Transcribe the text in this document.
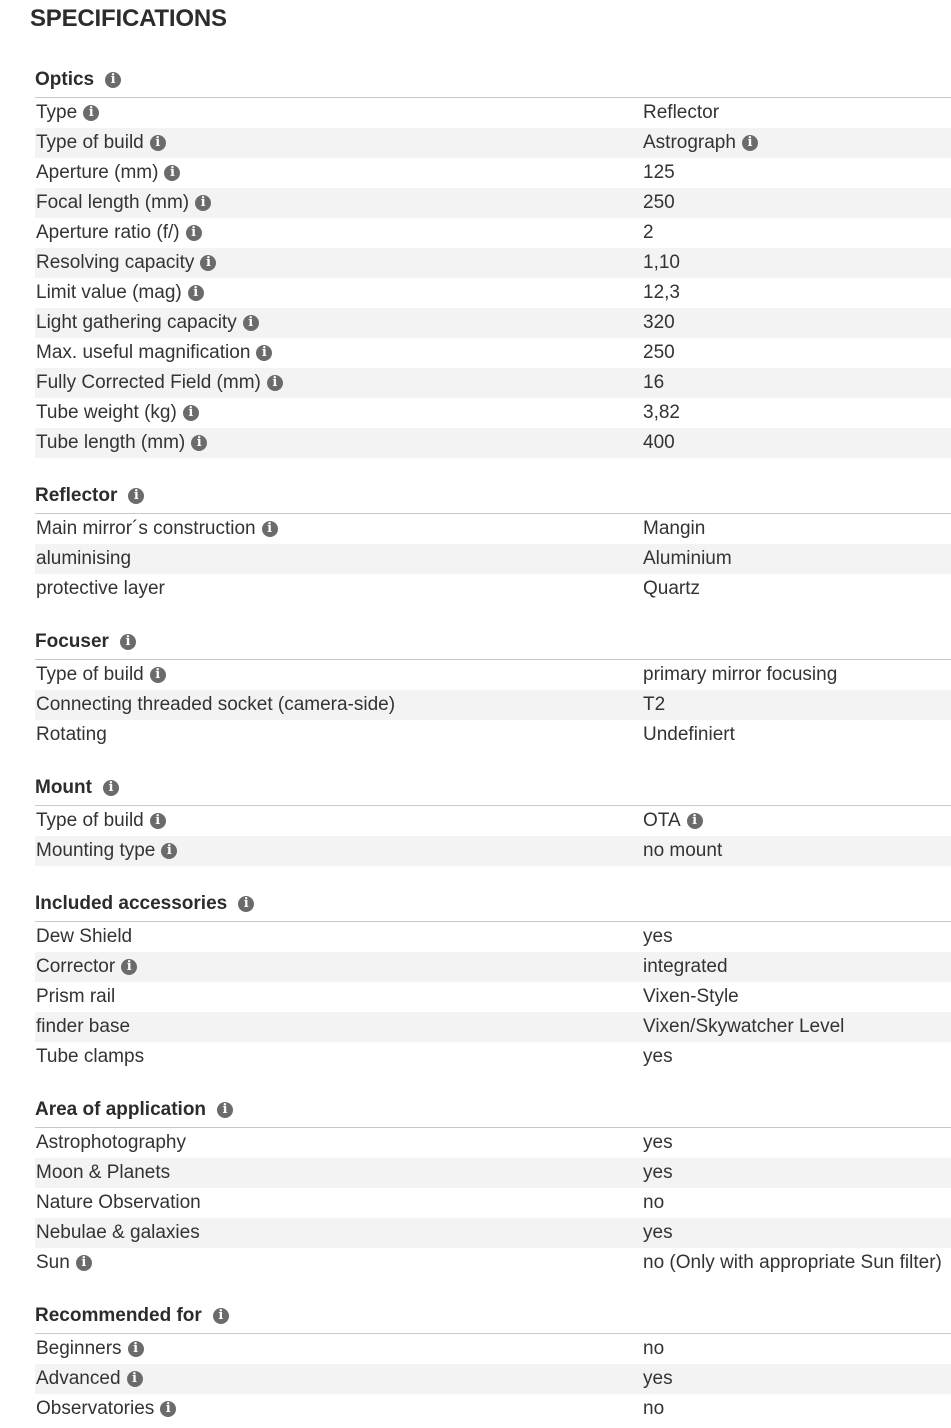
SPECIFICATIONS
Optics	i
Type i	Reflector
Type of build i	Astrograph i
Aperture (mm) i	125
Focal length (mm) i	250
Aperture ratio (f/) i	2
Resolving capacity i	1,10
Limit value (mag) i	12,3
Light gathering capacity i	320
Max. useful magnification i	250
Fully Corrected Field (mm) i	16
Tube weight (kg) i	3,82
Tube length (mm) i	400
Reflector	i
Main mirror´s construction i	Mangin
aluminising	Aluminium
protective layer	Quartz
Focuser	i
Type of build i	primary mirror focusing
Connecting threaded socket (camera-side)	T2
Rotating	Undefiniert
Mount	i
Type of build i	OTA i
Mounting type i	no mount
Included accessories	i
Dew Shield	yes
Corrector i	integrated
Prism rail	Vixen-Style
finder base	Vixen/Skywatcher Level
Tube clamps	yes
Area of application	i
Astrophotography	yes
Moon & Planets	yes
Nature Observation	no
Nebulae & galaxies	yes
Sun i	no (Only with appropriate Sun filter)
Recommended for	i
Beginners i	no
Advanced i	yes
Observatories i	no
